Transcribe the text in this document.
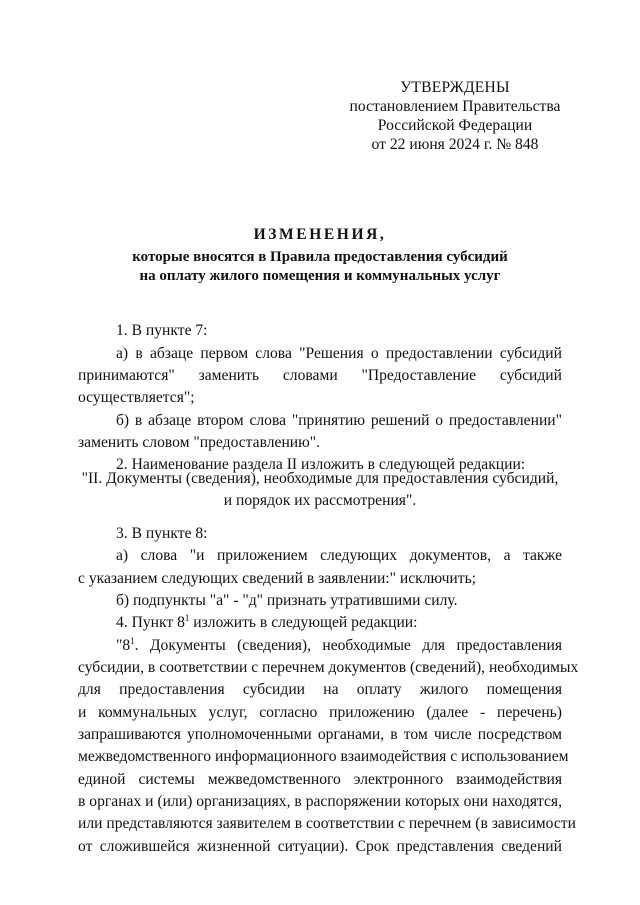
УТВЕРЖДЕНЫ
постановлением Правительства
Российской Федерации
от 22 июня 2024 г. № 848
ИЗМЕНЕНИЯ,
которые вносятся в Правила предоставления субсидий
на оплату жилого помещения и коммунальных услуг
1. В пункте 7:
а) в абзаце первом слова "Решения о предоставлении субсидий
принимаются" заменить словами "Предоставление субсидий
осуществляется";
б) в абзаце втором слова "принятию решений о предоставлении"
заменить словом "предоставлению".
2. Наименование раздела II изложить в следующей редакции:
3. В пункте 8:
а) слова "и приложением следующих документов, а также
с указанием следующих сведений в заявлении:" исключить;
б) подпункты "а" - "д" признать утратившими силу.
4. Пункт $8^1$ изложить в следующей редакции:
"$8^1$. Документы (сведения), необходимые для предоставления
субсидии, в соответствии с перечнем документов (сведений), необходимых
для предоставления субсидии на оплату жилого помещения
и коммунальных услуг, согласно приложению (далее - перечень)
запрашиваются уполномоченными органами, в том числе посредством
межведомственного информационного взаимодействия с использованием
единой системы межведомственного электронного взаимодействия
в органах и (или) организациях, в распоряжении которых они находятся,
или представляются заявителем в соответствии с перечнем (в зависимости
от сложившейся жизненной ситуации). Срок представления сведений
"II. Документы (сведения), необходимые для предоставления субсидий,
и порядок их рассмотрения".
